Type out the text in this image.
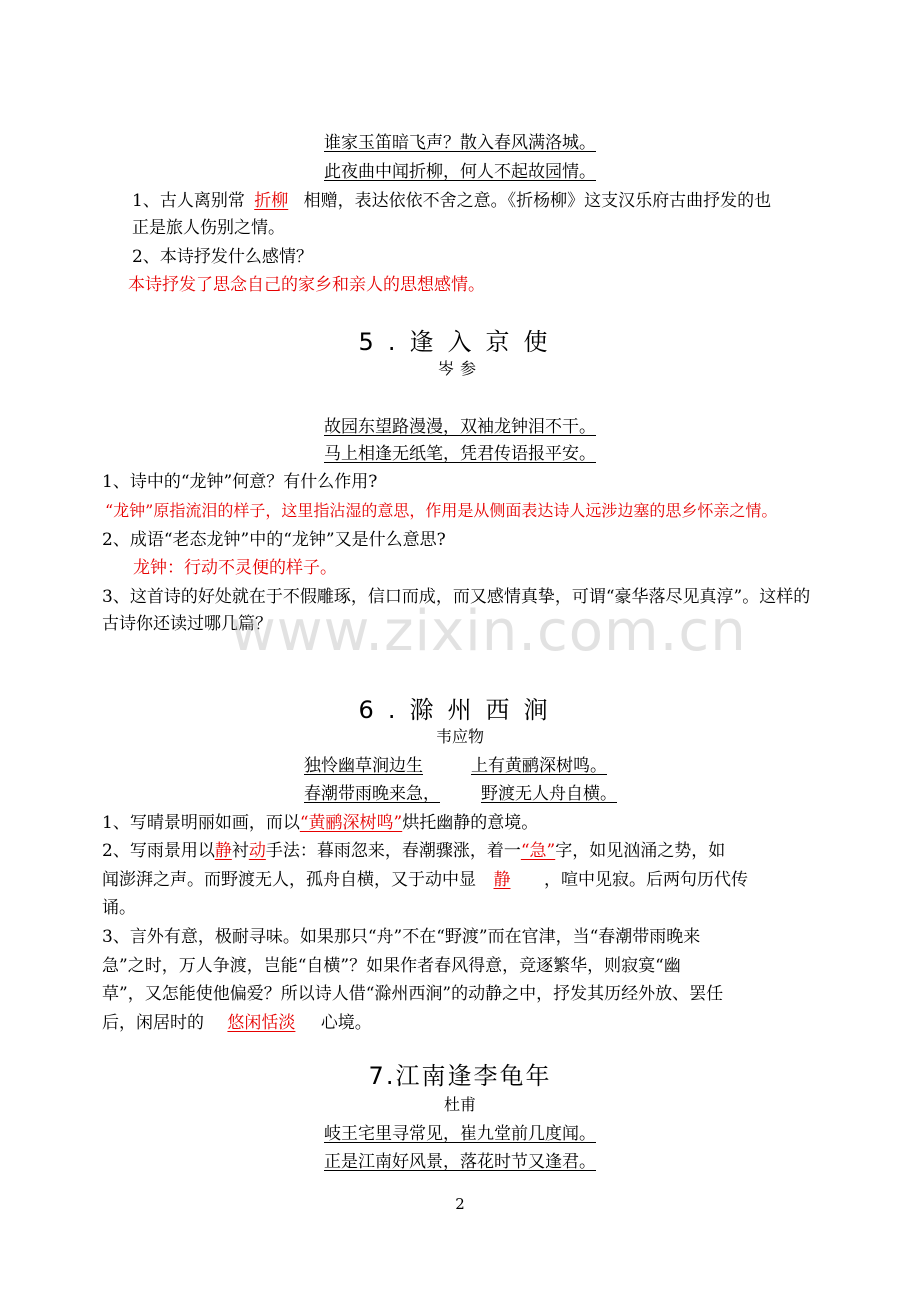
谁家玉笛暗飞声？散入春风满洛城。
此夜曲中闻折柳，何人不起故园情。
1、古人离别常 折柳 相赠，表达依依不舍之意。《折杨柳》这支汉乐府古曲抒发的也
正是旅人伤别之情。
2、本诗抒发什么感情？
本诗抒发了思念自己的家乡和亲人的思想感情。
5.逢入京使
岑参
故园东望路漫漫，双袖龙钟泪不干。
马上相逢无纸笔，凭君传语报平安。
1、诗中的“龙钟”何意？有什么作用?
“龙钟”原指流泪的样子，这里指沾湿的意思，作用是从侧面表达诗人远涉边塞的思乡怀亲之情。
2、成语“老态龙钟”中的“龙钟”又是什么意思?
龙钟：行动不灵便的样子。
3、这首诗的好处就在于不假雕琢，信口而成，而又感情真挚，可谓“豪华落尽见真淳”。这样的
古诗你还读过哪几篇？
www.zixin.com.cn
6.滁州西涧
韦应物
独怜幽草涧边生	上有黄鹂深树鸣。
春潮带雨晚来急，	野渡无人舟自横。
1、写晴景明丽如画，而以“黄鹂深树鸣”烘托幽静的意境。
2、写雨景用以静衬动手法：暮雨忽来，春潮骤涨，着一“急”字，如见汹涌之势，如
闻澎湃之声。而野渡无人，孤舟自横，又于动中显 静 ，喧中见寂。后两句历代传
诵。
3、言外有意，极耐寻味。如果那只“舟”不在“野渡”而在官津，当“春潮带雨晚来
急”之时，万人争渡，岂能“自横”？如果作者春风得意，竞逐繁华，则寂寞“幽
草”，又怎能使他偏爱？所以诗人借“滁州西涧”的动静之中，抒发其历经外放、罢任
后，闲居时的 悠闲恬淡 心境。
7.江南逢李龟年
杜甫
岐王宅里寻常见，崔九堂前几度闻。
正是江南好风景，落花时节又逢君。
2
